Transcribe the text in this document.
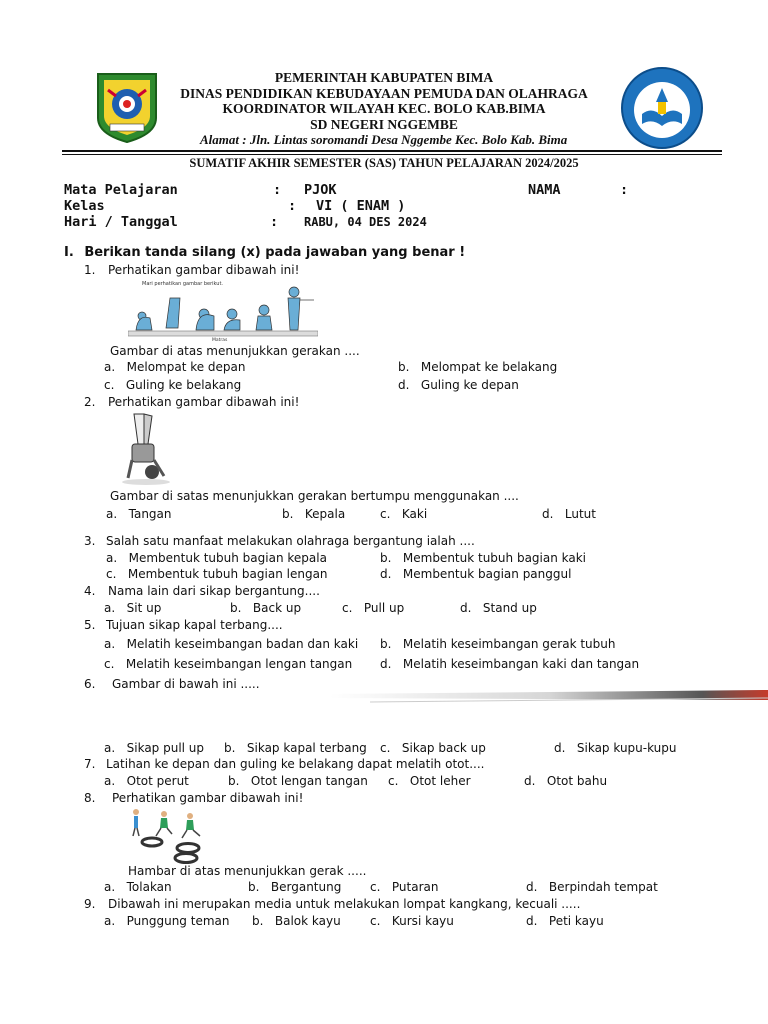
PEMERINTAH KABUPATEN BIMA
DINAS PENDIDIKAN KEBUDAYAAN PEMUDA DAN OLAHRAGA
KOORDINATOR WILAYAH KEC. BOLO KAB.BIMA
SD NEGERI NGGEMBE
Alamat : Jln. Lintas soromandi Desa Nggembe Kec. Bolo Kab. Bima
SUMATIF AKHIR SEMESTER (SAS) TAHUN PELAJARAN 2024/2025
Mata Pelajaran	: PJOK	NAMA	:
Kelas	: VI ( ENAM )
Hari / Tanggal	: RABU, 04 DES 2024
I. Berikan tanda silang (x) pada jawaban yang benar !
1. Perhatikan gambar dibawah ini!
Mari perhatikan gambar berikut.
Matras
Gambar di atas menunjukkan gerakan ....
a. Melompat ke depan	b. Melompat ke belakang
c. Guling ke belakang	d. Guling ke depan
2. Perhatikan gambar dibawah ini!
Gambar di satas menunjukkan gerakan bertumpu menggunakan ....
a. Tangan	b. Kepala	c. Kaki	d. Lutut
3. Salah satu manfaat melakukan olahraga bergantung ialah ....
a. Membentuk tubuh bagian kepala	b. Membentuk tubuh bagian kaki
c. Membentuk tubuh bagian lengan	d. Membentuk bagian panggul
4. Nama lain dari sikap bergantung....
a. Sit up	b. Back up	c. Pull up	d. Stand up
5. Tujuan sikap kapal terbang....
a. Melatih keseimbangan badan dan kaki b. Melatih keseimbangan gerak tubuh
c. Melatih keseimbangan lengan tangan d. Melatih keseimbangan kaki dan tangan
6. Gambar di bawah ini .....
a. Sikap pull up b. Sikap kapal terbang c. Sikap back up	d. Sikap kupu-kupu
7. Latihan ke depan dan guling ke belakang dapat melatih otot....
a. Otot perut	b. Otot lengan tangan c. Otot leher	d. Otot bahu
8. Perhatikan gambar dibawah ini!
Hambar di atas menunjukkan gerak .....
a. Tolakan	b. Bergantung c. Putaran	d. Berpindah tempat
9. Dibawah ini merupakan media untuk melakukan lompat kangkang, kecuali .....
a. Punggung teman b. Balok kayu c. Kursi kayu	d. Peti kayu
